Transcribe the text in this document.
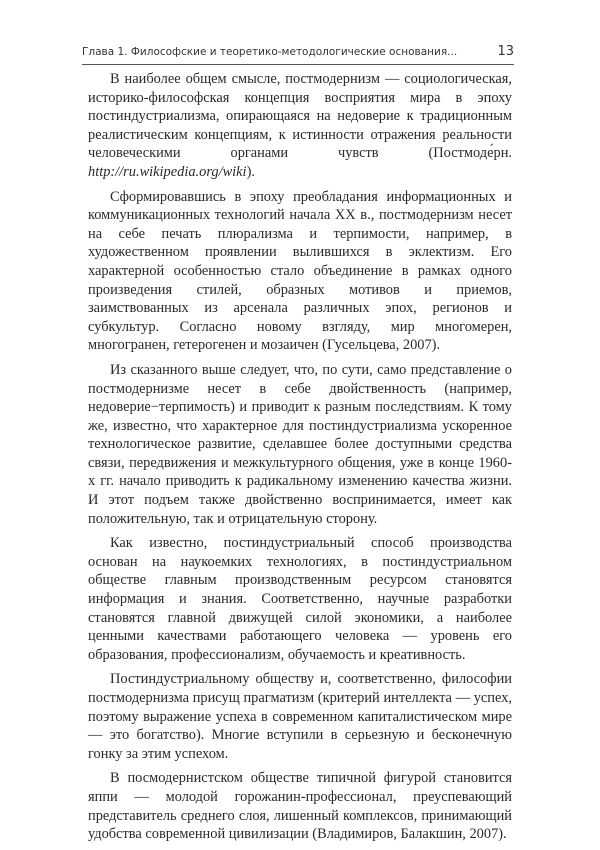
Глава 1. Философские и теоретико-методологические основания...	13

В наиболее общем смысле, постмодернизм — социологическая, историко-философская концепция восприятия мира в эпоху постиндустриализма, опирающаяся на недоверие к традиционным реалистическим концепциям, к истинности отражения реальности человеческими органами чувств (Постмоде́рн. http://ru.wikipedia.org/wiki).

Сформировавшись в эпоху преобладания информационных и коммуникационных технологий начала XX в., постмодернизм несет на себе печать плюрализма и терпимости, например, в художественном проявлении вылившихся в эклектизм. Его характерной особенностью стало объединение в рамках одного произведения стилей, образных мотивов и приемов, заимствованных из арсенала различных эпох, регионов и субкультур. Согласно новому взгляду, мир многомерен, многогранен, гетерогенен и мозаичен (Гусельцева, 2007).

Из сказанного выше следует, что, по сути, само представление о постмодернизме несет в себе двойственность (например, недоверие−терпимость) и приводит к разным последствиям. К тому же, известно, что характерное для постиндустриализма ускоренное технологическое развитие, сделавшее более доступными средства связи, передвижения и межкультурного общения, уже в конце 1960-х гг. начало приводить к радикальному изменению качества жизни. И этот подъем также двойственно воспринимается, имеет как положительную, так и отрицательную сторону.

Как известно, постиндустриальный способ производства основан на наукоемких технологиях, в постиндустриальном обществе главным производственным ресурсом становятся информация и знания. Соответственно, научные разработки становятся главной движущей силой экономики, а наиболее ценными качествами работающего человека — уровень его образования, профессионализм, обучаемость и креативность.

Постиндустриальному обществу и, соответственно, философии постмодернизма присущ прагматизм (критерий интеллекта — успех, поэтому выражение успеха в современном капиталистическом мире — это богатство). Многие вступили в серьезную и бесконечную гонку за этим успехом.

В посмодернистском обществе типичной фигурой становится яппи — молодой горожанин-профессионал, преуспевающий представитель среднего слоя, лишенный комплексов, принимающий удобства современной цивилизации (Владимиров, Балакшин, 2007).
